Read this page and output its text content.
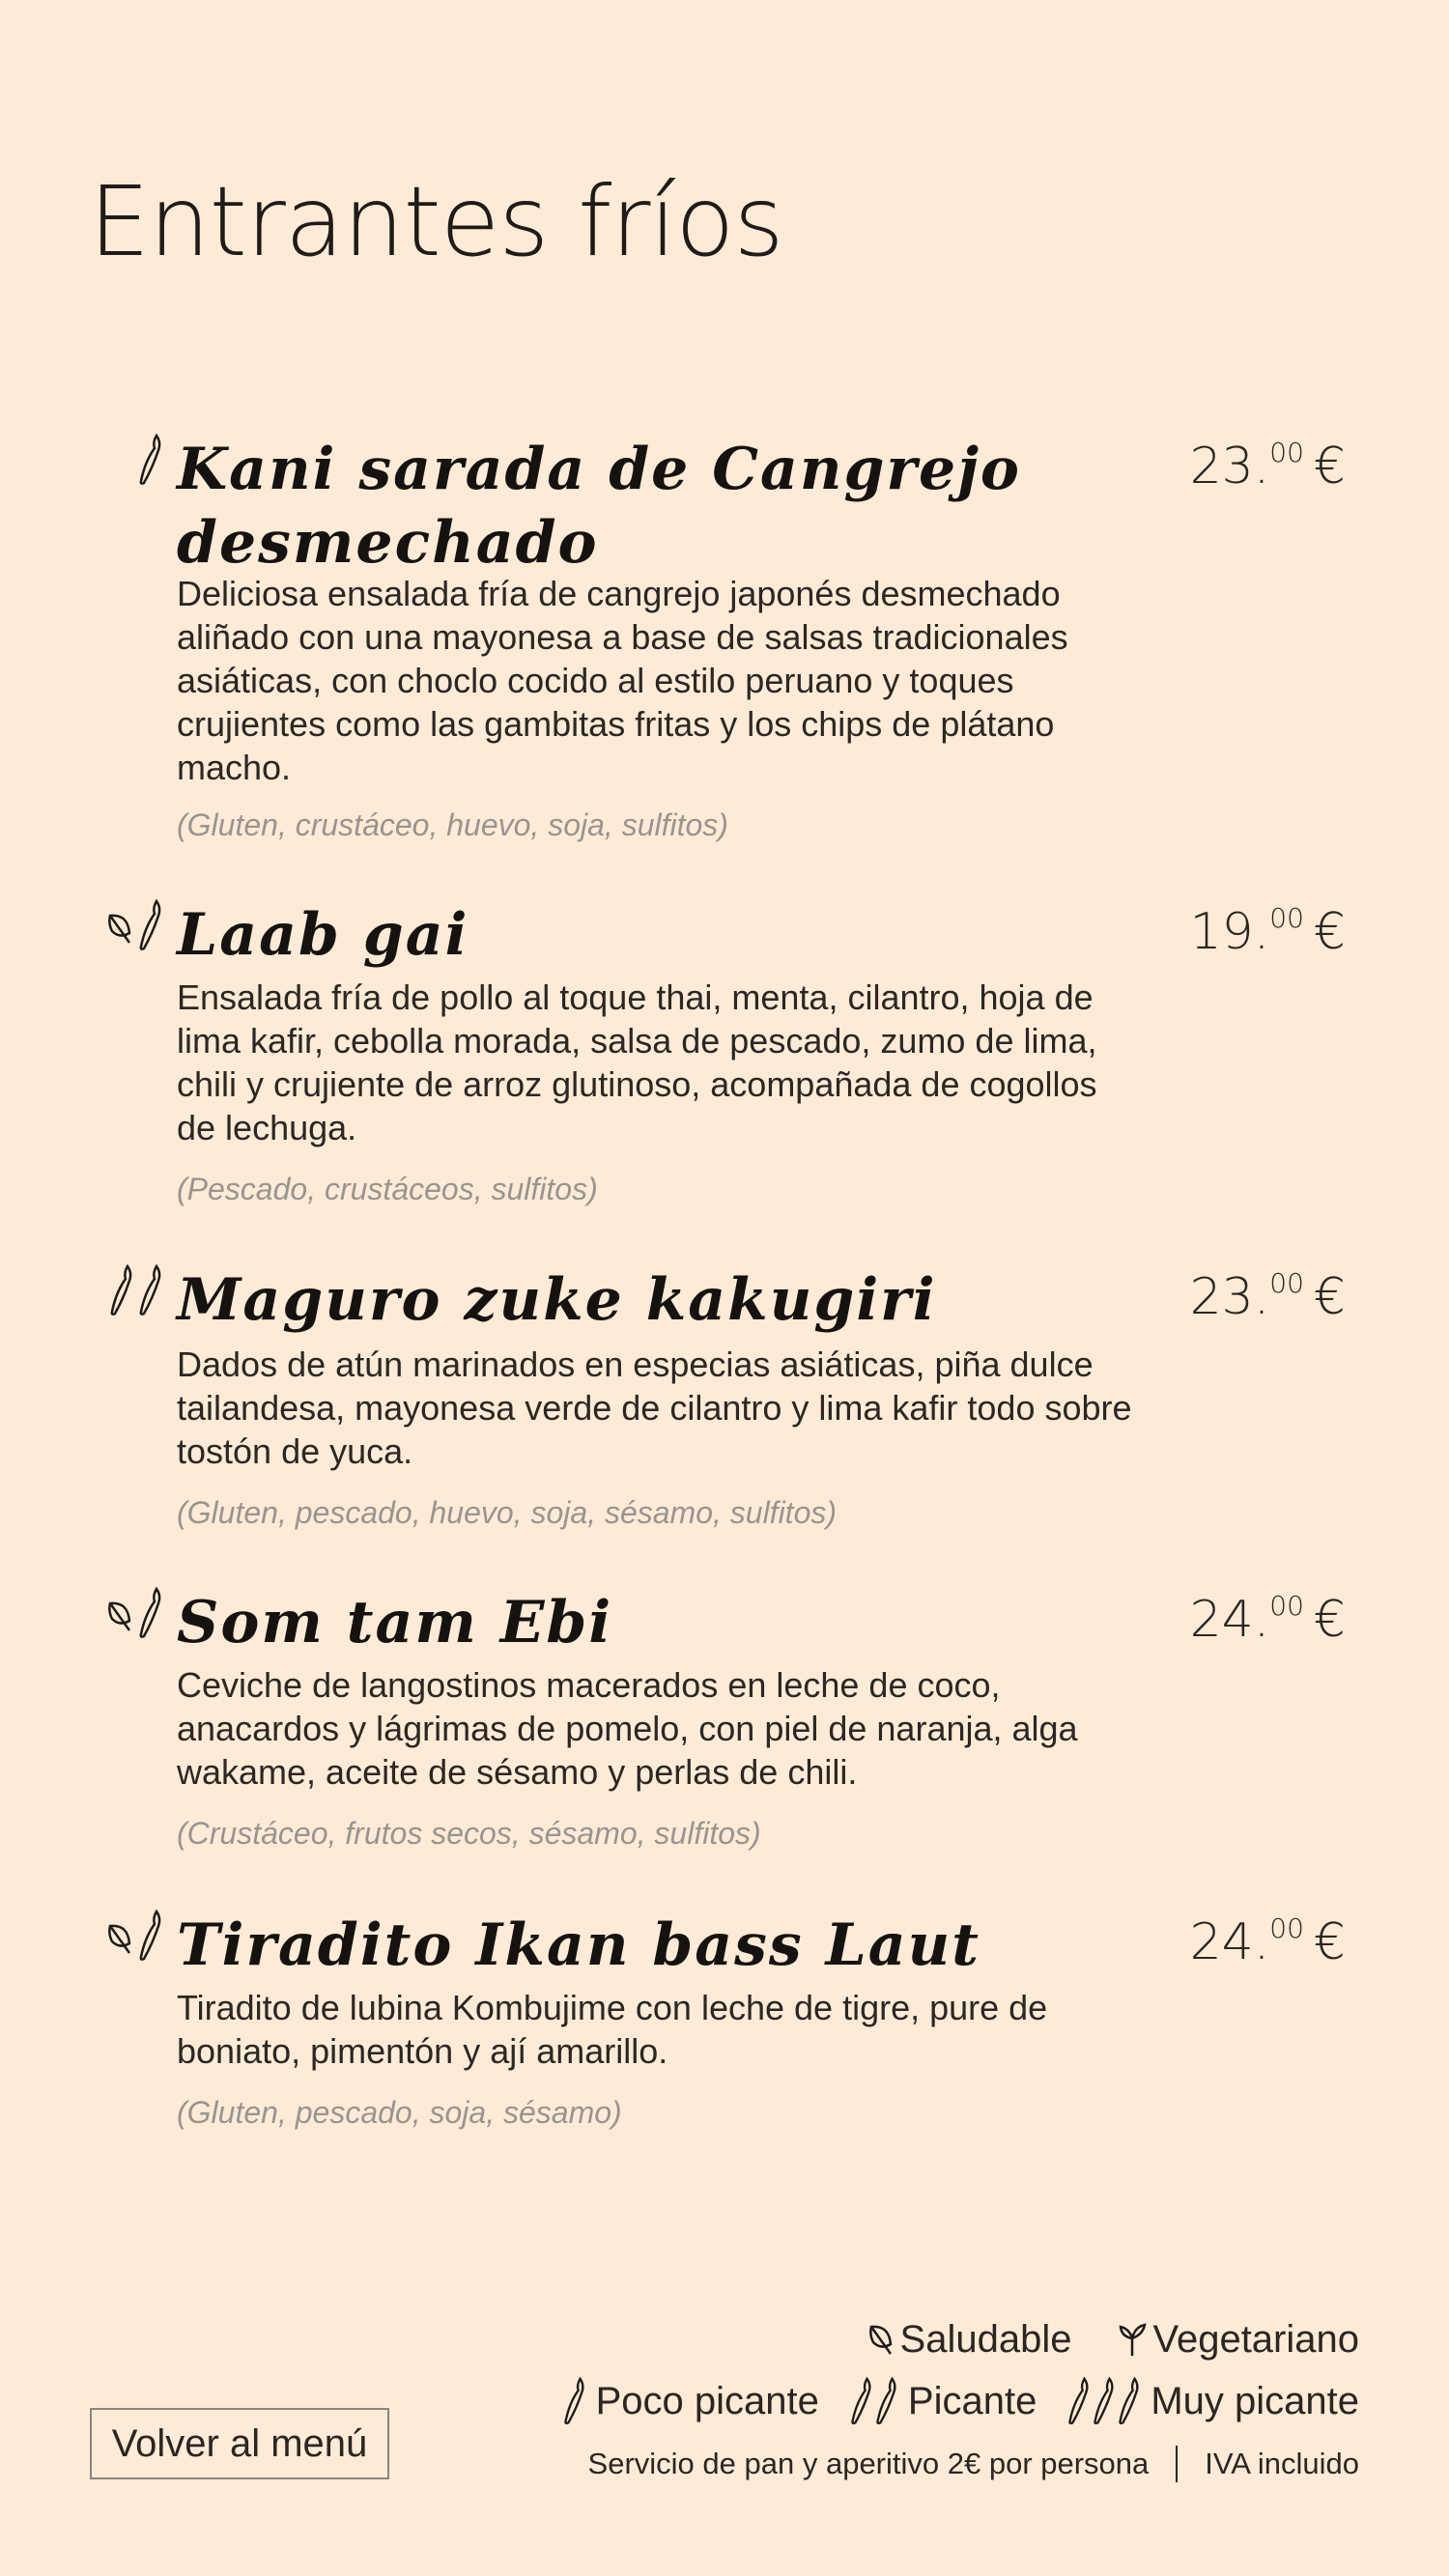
Entrantes fríos
Kani sarada de Cangrejo
desmechado
23.00 €

Deliciosa ensalada fría de cangrejo japonés desmechado aliñado con una mayonesa a base de salsas tradicionales asiáticas, con choclo cocido al estilo peruano y toques crujientes como las gambitas fritas y los chips de plátano macho.

(Gluten, crustáceo, huevo, soja, sulfitos)

Laab gai	19.00 €

Ensalada fría de pollo al toque thai, menta, cilantro, hoja de lima kafir, cebolla morada, salsa de pescado, zumo de lima, chili y crujiente de arroz glutinoso, acompañada de cogollos de lechuga.

(Pescado, crustáceos, sulfitos)

Maguro zuke kakugiri	23.00 €

Dados de atún marinados en especias asiáticas, piña dulce tailandesa, mayonesa verde de cilantro y lima kafir todo sobre tostón de yuca.

(Gluten, pescado, huevo, soja, sésamo, sulfitos)

Som tam Ebi	24.00 €

Ceviche de langostinos macerados en leche de coco, anacardos y lágrimas de pomelo, con piel de naranja, alga wakame, aceite de sésamo y perlas de chili.

(Crustáceo, frutos secos, sésamo, sulfitos)

Tiradito Ikan bass Laut	24.00 €

Tiradito de lubina Kombujime con leche de tigre, pure de boniato, pimentón y ají amarillo.

(Gluten, pescado, soja, sésamo)

Saludable Vegetariano
Poco picante Picante	Muy picante
Servicio de pan y aperitivo 2€ por persona IVA incluido
Volver al menú
